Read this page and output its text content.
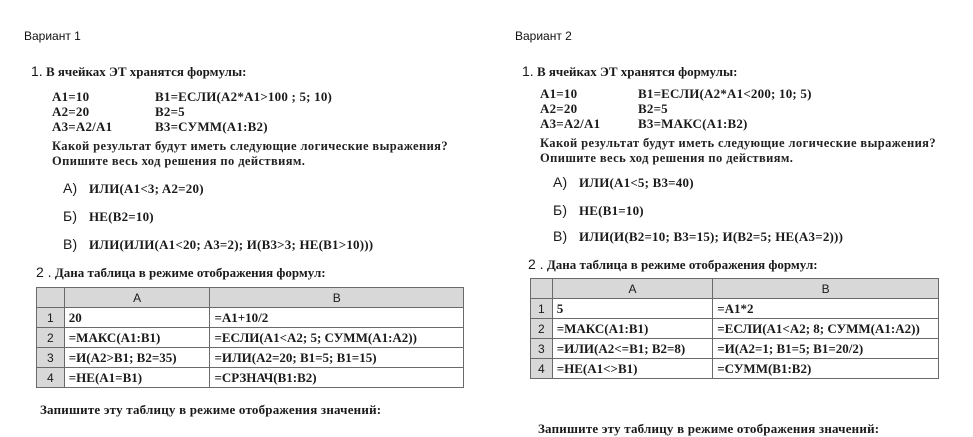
Вариант 1
1. В ячейках ЭТ хранятся формулы:
A1=10
A2=20
A3=A2/A1
B1=ЕСЛИ(A2*A1>100 ; 5; 10)
B2=5
B3=СУММ(A1:B2)
Какой результат будут иметь следующие логические выражения? Опишите весь ход решения по действиям.
А) ИЛИ(A1<3; A2=20)
Б) НЕ(B2=10)
В) ИЛИ(ИЛИ(A1<20; A3=2); И(B3>3; НЕ(B1>10)))
2 . Дана таблица в режиме отображения формул:
	A	B
1	20	=A1+10/2
2	=МАКС(A1:B1)	=ЕСЛИ(A1<A2; 5; СУММ(A1:A2))
3	=И(A2>B1; B2=35)	=ИЛИ(A2=20; B1=5; B1=15)
4	=НЕ(A1=B1)	=СРЗНАЧ(B1:B2)
Запишите эту таблицу в режиме отображения значений:
Вариант 2
1. В ячейках ЭТ хранятся формулы:
A1=10
A2=20
A3=A2/A1
B1=ЕСЛИ(A2*A1<200; 10; 5)
B2=5
B3=МАКС(A1:B2)
Какой результат будут иметь следующие логические выражения? Опишите весь ход решения по действиям.
А) ИЛИ(A1<5; B3=40)
Б) НЕ(B1=10)
В) ИЛИ(И(B2=10; B3=15); И(B2=5; НЕ(A3=2)))
2 . Дана таблица в режиме отображения формул:
	A	B
1	5	=A1*2
2	=МАКС(A1:B1)	=ЕСЛИ(A1<A2; 8; СУММ(A1:A2))
3	=ИЛИ(A2<=B1; B2=8)	=И(A2=1; B1=5; B1=20/2)
4	=НЕ(A1<>B1)	=СУММ(B1:B2)
Запишите эту таблицу в режиме отображения значений:
